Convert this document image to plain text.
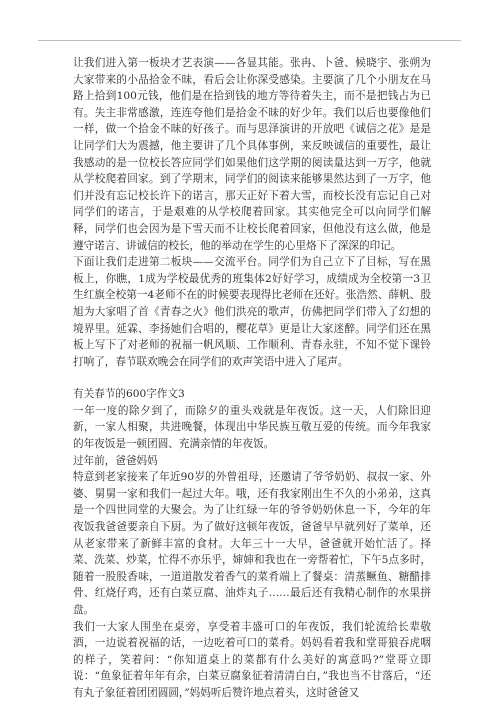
让我们进入第一板块才艺表演——各显其能。张冉、卜爸、候晓宇、张朔为大家带来的小品拾金不昧，看后会让你深受感染。主要演了几个小朋友在马路上拾到100元钱，他们是在拾到钱的地方等待着失主，而不是把钱占为已有。失主非常感激，连连夸他们是拾金不昧的好少年。我们以后也要像他们一样，做一个拾金不昧的好孩子。而与思泽演讲的开放吧《诚信之花》是是让同学们大为震撼，他主要讲了几个具体事例，来反映诚信的重要性，最让我感动的是一位校长答应同学们如果他们这学期的阅读量达到一万字，他就从学校爬着回家。到了学期末，同学们的阅读来能够果然达到了一万字，他们并没有忘记校长许下的诺言，那天正好下着大雪，而校长没有忘记自己对同学们的诺言，于是艰难的从学校爬着回家。其实他完全可以向同学们解释，同学们也会因为是下雪天而不让校长爬着回家，但他没有这么做，他是遵守诺言、讲诚信的校长，他的举动在学生的心里烙下了深深的印记。

下面让我们走进第二板块——交流平台。同学们为自己立下了目标，写在黑板上，你瞧，1成为学校最优秀的班集体2好好学习，成绩成为全校第一3卫生红旗全校第一4老师不在的时候要表现得比老师在还好。张浩然、薛帆、殷旭为大家唱了首《青春之火》他们洪亮的歌声，仿佛把同学们带入了幻想的境界里。延霖、李扬她们合唱的，樱花草》更是让大家迷醉。同学们还在黑板上写下了对老师的祝福一帆风顺、工作顺利、青春永驻，不知不觉下课铃打响了，春节联欢晚会在同学们的欢声笑语中进入了尾声。

有关春节的600字作文3

一年一度的除夕到了，而除夕的重头戏就是年夜饭。这一天，人们除旧迎新，一家人相聚，共进晚餐，体现出中华民族互敬互爱的传统。而今年我家的年夜饭是一顿团圆、充满亲情的年夜饭。

过年前，爸爸妈妈

特意到老家接来了年近90岁的外曾祖母，还邀请了爷爷奶奶、叔叔一家、外婆、舅舅一家和我们一起过大年。哦，还有我家刚出生不久的小弟弟，这真是一个四世同堂的大聚会。为了让红绿一年的爷爷奶奶休息一下，今年的年夜饭我爸爸要亲自下厨。为了做好这顿年夜饭，爸爸早早就列好了菜单，还从老家带来了新鲜丰富的食材。大年三十一大早，爸爸就开始忙活了。择菜、洗菜、炒菜，忙得不亦乐乎，婶婶和我也在一旁帮着忙，下午5点多时，随着一股股香味，一道道散发着香气的菜肴端上了餐桌：清蒸鳜鱼、糖醋排骨、红烧仔鸡，还有白菜豆腐、油炸丸子……最后还有我精心制作的水果拼盘。

我们一大家人围坐在桌旁，享受着丰盛可口的年夜饭，我们轮流给长辈敬酒，一边说着祝福的话，一边吃着可口的菜肴。妈妈看着我和堂哥狼吞虎咽的样子，笑着问：“你知道桌上的菜都有什么美好的寓意吗?”堂哥立即说：“鱼象征着年年有余，白菜豆腐象征着清清白白，”我也当不甘落后，“还有丸子象征着团团圆圆，”妈妈听后赞许地点着头，这时爸爸又
